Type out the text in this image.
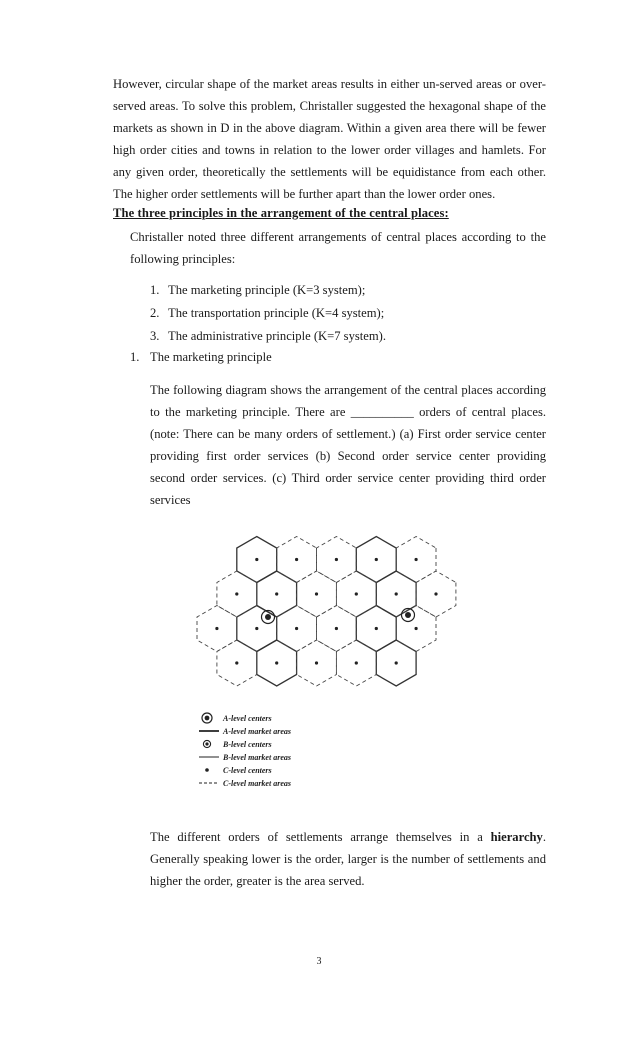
However, circular shape of the market areas results in either un-served areas or over-served areas. To solve this problem, Christaller suggested the hexagonal shape of the markets as shown in D in the above diagram. Within a given area there will be fewer high order cities and towns in relation to the lower order villages and hamlets. For any given order, theoretically the settlements will be equidistance from each other. The higher order settlements will be further apart than the lower order ones.

The three principles in the arrangement of the central places:

Christaller noted three different arrangements of central places according to the following principles:

1. The marketing principle (K=3 system);
2. The transportation principle (K=4 system);
3. The administrative principle (K=7 system).
1. The marketing principle

The following diagram shows the arrangement of the central places according to the marketing principle. There are __________ orders of central places. (note: There can be many orders of settlement.) (a) First order service center providing first order services (b) Second order service center providing second order services. (c) Third order service center providing third order services

A-level centers
A-level market areas
B-level centers
B-level market areas
C-level centers
C-level market areas

The different orders of settlements arrange themselves in a hierarchy. Generally speaking lower is the order, larger is the number of settlements and higher the order, greater is the area served.

3
